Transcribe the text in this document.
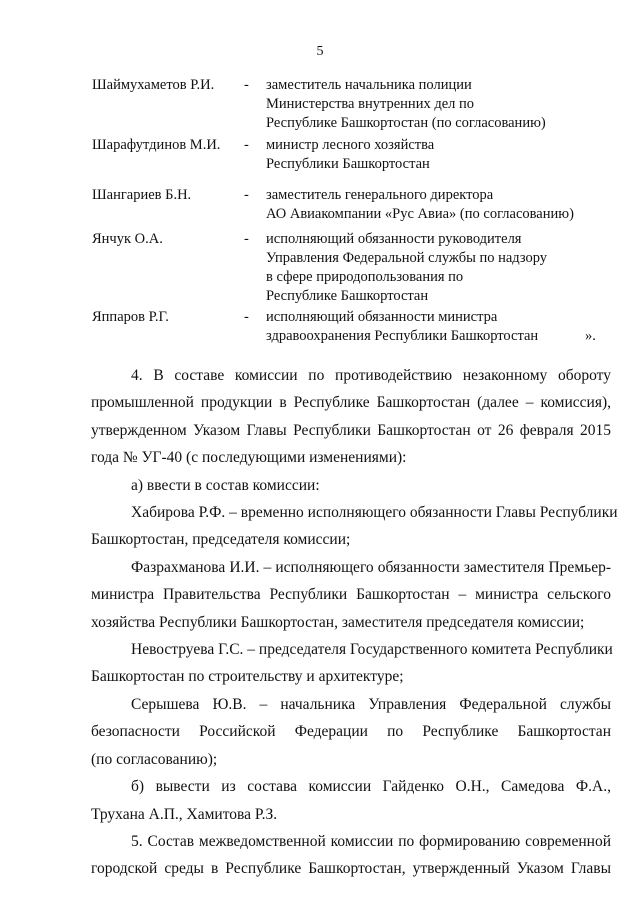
5
Шаймухаметов Р.И. - заместитель начальника полиции
Министерства внутренних дел по
Республике Башкортостан (по согласованию)
Шарафутдинов М.И. - министр лесного хозяйства
Республики Башкортостан
Шангариев Б.Н.	- заместитель генерального директора
АО Авиакомпании «Рус Авиа» (по согласованию)
Янчук О.А.	- исполняющий обязанности руководителя
Управления Федеральной службы по надзору
в сфере природопользования по
Республике Башкортостан
Яппаров Р.Г.	- исполняющий обязанности министра
здравоохранения Республики Башкортостан	».
4. В составе комиссии по противодействию незаконному обороту
промышленной продукции в Республике Башкортостан (далее – комиссия),
утвержденном Указом Главы Республики Башкортостан от 26 февраля 2015
года № УГ-40 (с последующими изменениями):
а) ввести в состав комиссии:
Хабирова Р.Ф. – временно исполняющего обязанности Главы Республики
Башкортостан, председателя комиссии;
Фазрахманова И.И. – исполняющего обязанности заместителя Премьер-
министра Правительства Республики Башкортостан – министра сельского
хозяйства Республики Башкортостан, заместителя председателя комиссии;
Невоструева Г.С. – председателя Государственного комитета Республики
Башкортостан по строительству и архитектуре;
Серышева Ю.В. – начальника Управления Федеральной службы
безопасности Российской Федерации по Республике Башкортостан
(по согласованию);
б) вывести из состава комиссии Гайденко О.Н., Самедова Ф.А.,
Трухана А.П., Хамитова Р.З.
5. Состав межведомственной комиссии по формированию современной
городской среды в Республике Башкортостан, утвержденный Указом Главы
